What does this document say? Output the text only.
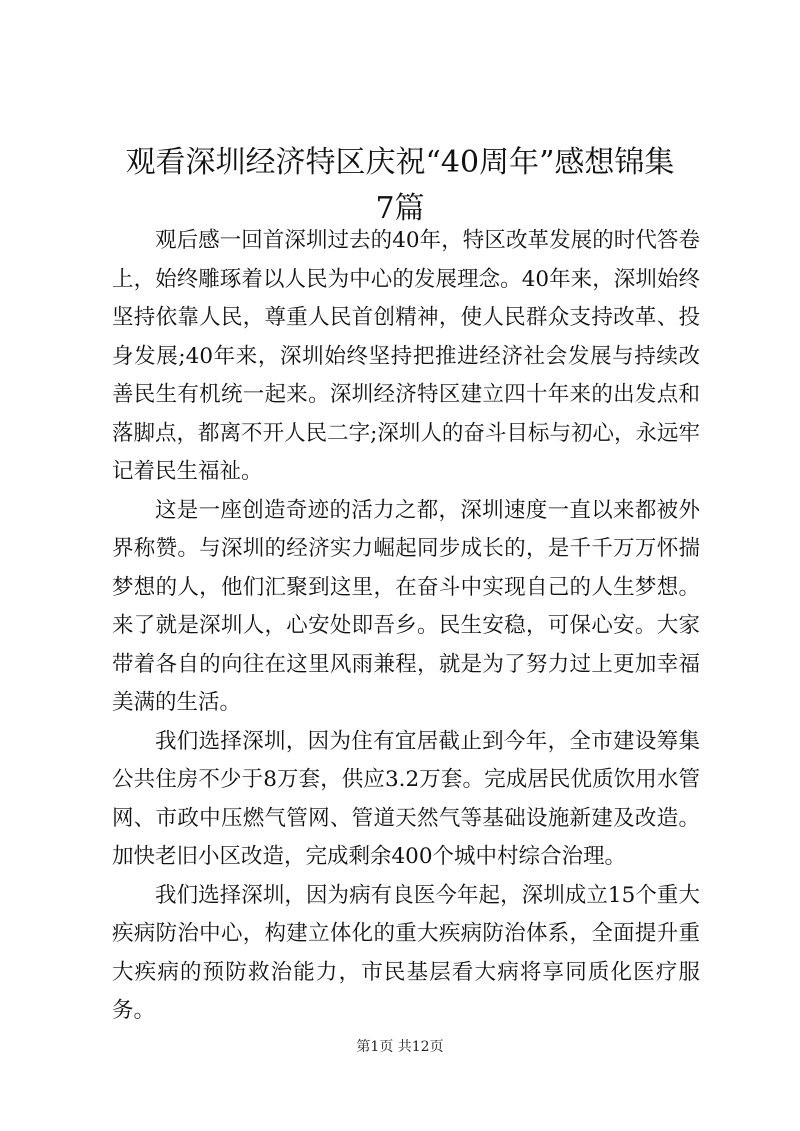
观看深圳经济特区庆祝“40周年”感想锦集
7篇

观后感一回首深圳过去的40年，特区改革发展的时代答卷上，始终雕琢着以人民为中心的发展理念。40年来，深圳始终坚持依靠人民，尊重人民首创精神，使人民群众支持改革、投身发展;40年来，深圳始终坚持把推进经济社会发展与持续改善民生有机统一起来。深圳经济特区建立四十年来的出发点和落脚点，都离不开人民二字;深圳人的奋斗目标与初心，永远牢记着民生福祉。

这是一座创造奇迹的活力之都，深圳速度一直以来都被外界称赞。与深圳的经济实力崛起同步成长的，是千千万万怀揣梦想的人，他们汇聚到这里，在奋斗中实现自己的人生梦想。来了就是深圳人，心安处即吾乡。民生安稳，可保心安。大家带着各自的向往在这里风雨兼程，就是为了努力过上更加幸福美满的生活。

我们选择深圳，因为住有宜居截止到今年，全市建设筹集公共住房不少于8万套，供应3.2万套。完成居民优质饮用水管网、市政中压燃气管网、管道天然气等基础设施新建及改造。加快老旧小区改造，完成剩余400个城中村综合治理。

我们选择深圳，因为病有良医今年起，深圳成立15个重大疾病防治中心，构建立体化的重大疾病防治体系，全面提升重大疾病的预防救治能力，市民基层看大病将享同质化医疗服务。

第1页 共12页
